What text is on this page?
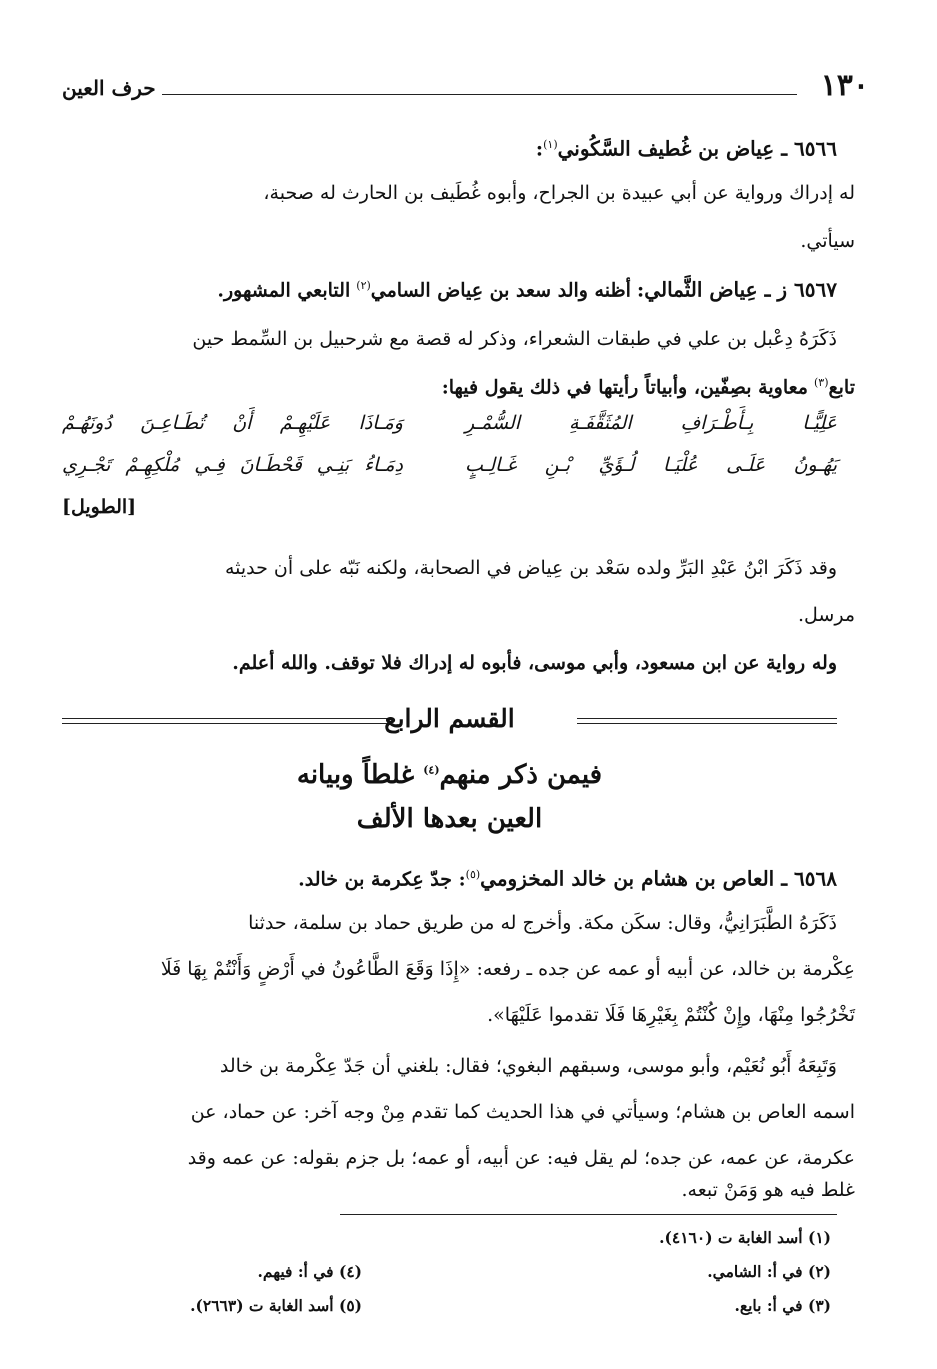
١٣٠
حرف العين
٦٥٦٦ ـ عِياض بن غُطيف السَّكُوني$^{(١)}$:
له إدراك ورواية عن أبي عبيدة بن الجراح، وأبوه غُطَيف بن الحارث له صحبة،
سيأتي.
٦٥٦٧ ز ـ عِياض الثَّمالي: أظنه والد سعد بن عِياض السامي$^{(٢)}$ التابعي المشهور.
ذَكَرَهُ دِعْبل بن علي في طبقات الشعراء، وذكر له قصة مع شرحبيل بن السِّمط حين
تابع$^{(٣)}$ معاوية بصِفّين، وأبياتاً رأيتها في ذلك يقول فيها:
عَلِيًّـا بِـأَطْـرَافِ المُثَقَّفَـةِ السُّمْـرِ
وَمَـاذَا عَلَيْهِـمْ أَنْ تُطَـاعِـنَ دُونَهُـمْ
يَهُـونُ عَلَـى عُلْيَـا لُـؤَيِّ بْـنِ غَـالِـبٍ
دِمَـاءُ بَنِـي قَحْطَـانَ فِـي مُلْكِهِـمْ تَجْـرِي
[الطويل]
وقد ذَكَرَ ابْنُ عَبْدِ البَرِّ ولده سَعْد بن عِياض في الصحابة، ولكنه نَبّه على أن حديثه
مرسل.
وله رواية عن ابن مسعود، وأبي موسى، فأبوه له إدراك فلا توقف. والله أعلم.
القسم الرابع
فيمن ذكر منهم$^{(٤)}$ غلطاً وبيانه
العين بعدها الألف
٦٥٦٨ ـ العاص بن هشام بن خالد المخزومي$^{(٥)}$: جدّ عِكرمة بن خالد.
ذَكَرَهُ الطَّبَرَانِيُّ، وقال: سكَن مكة. وأخرج له من طريق حماد بن سلمة، حدثنا
عِكْرمة بن خالد، عن أبيه أو عمه عن جده ـ رفعه: «إِذَا وَقَعَ الطَّاعُونُ في أَرْضٍ وَأَنْتُمْ بِهَا فَلَا
تَخْرُجُوا مِنْهَا، وإِنْ كُنْتُمْ بِغَيْرِهَا فَلَا تقدموا عَلَيْهَا».
وَتَبِعَهُ أَبُو نُعَيْم، وأبو موسى، وسبقهم البغوي؛ فقال: بلغني أن جَدّ عِكْرمة بن خالد
اسمه العاص بن هشام؛ وسيأتي في هذا الحديث كما تقدم مِنْ وجه آخر: عن حماد، عن
عكرمة، عن عمه، عن جده؛ لم يقل فيه: عن أبيه، أو عمه؛ بل جزم بقوله: عن عمه وقد
غلط فيه هو وَمَنْ تبعه.
(١) أسد الغابة ت (٤١٦٠).
(٢) في أ: الشامي.
(٣) في أ: بايع.
(٤) في أ: فيهم.
(٥) أسد الغابة ت (٢٦٦٣).
